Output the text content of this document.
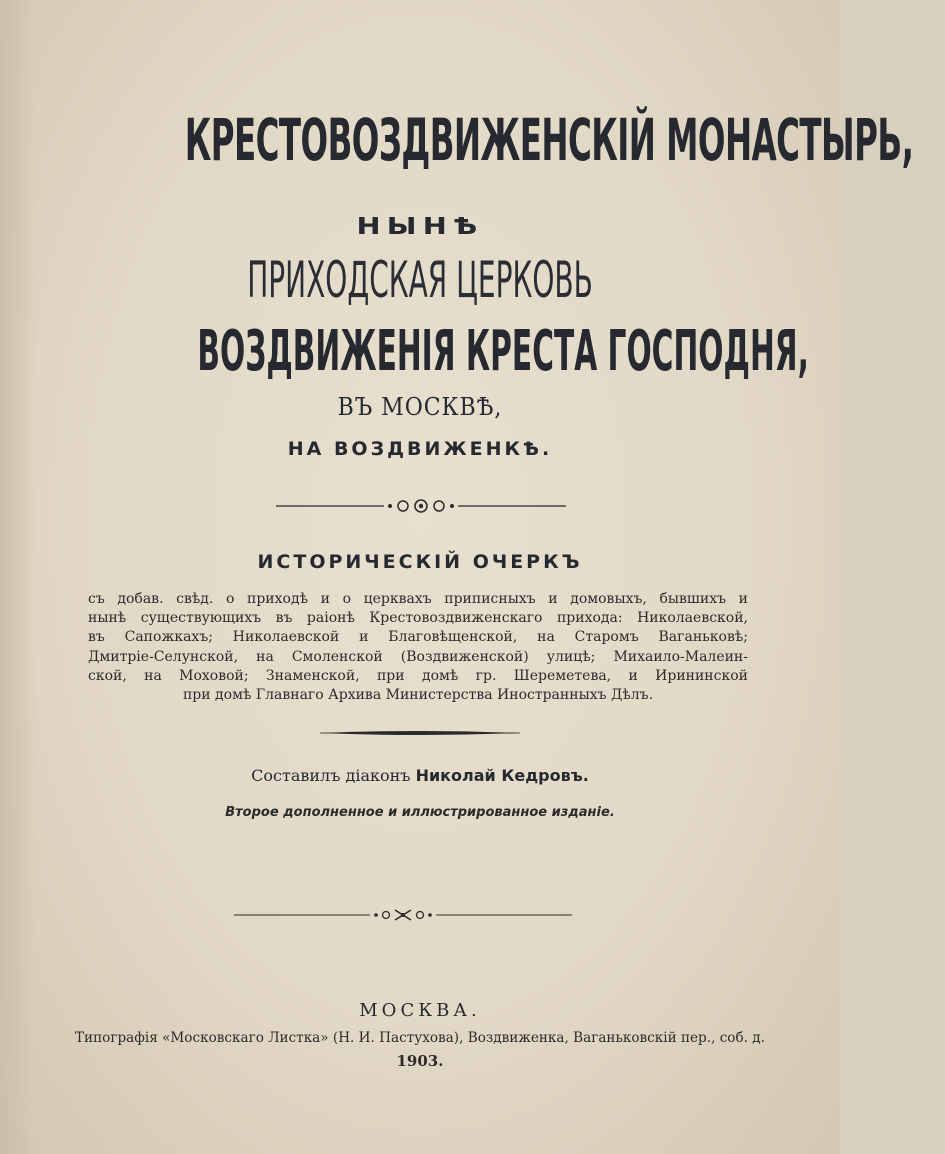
КРЕСТОВОЗДВИЖЕНСКІЙ МОНАСТЫРЬ,
НЫНѢ
ПРИХОДСКАЯ ЦЕРКОВЬ
ВОЗДВИЖЕНІЯ КРЕСТА ГОСПОДНЯ,
ВЪ МОСКВѢ,
НА ВОЗДВИЖЕНКѢ.
ИСТОРИЧЕСКІЙ ОЧЕРКЪ
съ добав. свѣд. о приходѣ и о церквахъ приписныхъ и домовыхъ, бывшихъ и
нынѣ существующихъ въ раіонѣ Крестовоздвиженскаго прихода: Николаевской,
въ Сапожкахъ; Николаевской и Благовѣщенской, на Старомъ Ваганьковѣ;
Дмитріе-Селунской, на Смоленской (Воздвиженской) улицѣ; Михаило-Малеин-
ской, на Моховой; Знаменской, при домѣ гр. Шереметева, и Ирининской
при домѣ Главнаго Архива Министерства Иностранныхъ Дѣлъ.
Составилъ діаконъ Николай Кедровъ.
Второе дополненное и иллюстрированное изданіе.
МОСКВА.
Типографія «Московскаго Листка» (Н. И. Пастухова), Воздвиженка, Ваганьковскій пер., соб. д.
1903.
